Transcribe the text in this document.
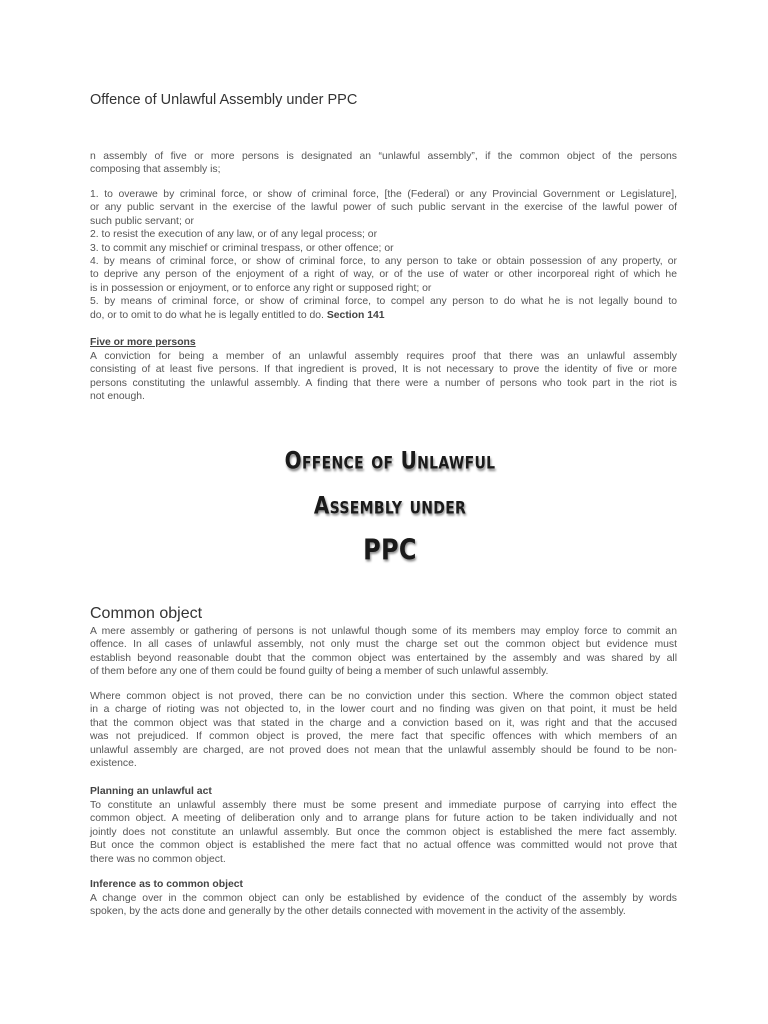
Offence of Unlawful Assembly under PPC
n assembly of five or more persons is designated an “unlawful assembly”, if the common object of the persons
composing that assembly is;
1. to overawe by criminal force, or show of criminal force, [the (Federal) or any Provincial Government or Legislature],
or any public servant in the exercise of the lawful power of such public servant in the exercise of the lawful power of
such public servant; or
2. to resist the execution of any law, or of any legal process; or
3. to commit any mischief or criminal trespass, or other offence; or
4. by means of criminal force, or show of criminal force, to any person to take or obtain possession of any property, or
to deprive any person of the enjoyment of a right of way, or of the use of water or other incorporeal right of which he
is in possession or enjoyment, or to enforce any right or supposed right; or
5. by means of criminal force, or show of criminal force, to compel any person to do what he is not legally bound to
do, or to omit to do what he is legally entitled to do. Section 141
Five or more persons
A conviction for being a member of an unlawful assembly requires proof that there was an unlawful assembly
consisting of at least five persons. If that ingredient is proved, It is not necessary to prove the identity of five or more
persons constituting the unlawful assembly. A finding that there were a number of persons who took part in the riot is
not enough.
Offence of Unlawful
Assembly under
PPC
Common object
A mere assembly or gathering of persons is not unlawful though some of its members may employ force to commit an
offence. In all cases of unlawful assembly, not only must the charge set out the common object but evidence must
establish beyond reasonable doubt that the common object was entertained by the assembly and was shared by all
of them before any one of them could be found guilty of being a member of such unlawful assembly.
Where common object is not proved, there can be no conviction under this section. Where the common object stated
in a charge of rioting was not objected to, in the lower court and no finding was given on that point, it must be held
that the common object was that stated in the charge and a conviction based on it, was right and that the accused
was not prejudiced. If common object is proved, the mere fact that specific offences with which members of an
unlawful assembly are charged, are not proved does not mean that the unlawful assembly should be found to be non-
existence.
Planning an unlawful act
To constitute an unlawful assembly there must be some present and immediate purpose of carrying into effect the
common object. A meeting of deliberation only and to arrange plans for future action to be taken individually and not
jointly does not constitute an unlawful assembly. But once the common object is established the mere fact assembly.
But once the common object is established the mere fact that no actual offence was committed would not prove that
there was no common object.
Inference as to common object
A change over in the common object can only be established by evidence of the conduct of the assembly by words
spoken, by the acts done and generally by the other details connected with movement in the activity of the assembly.
